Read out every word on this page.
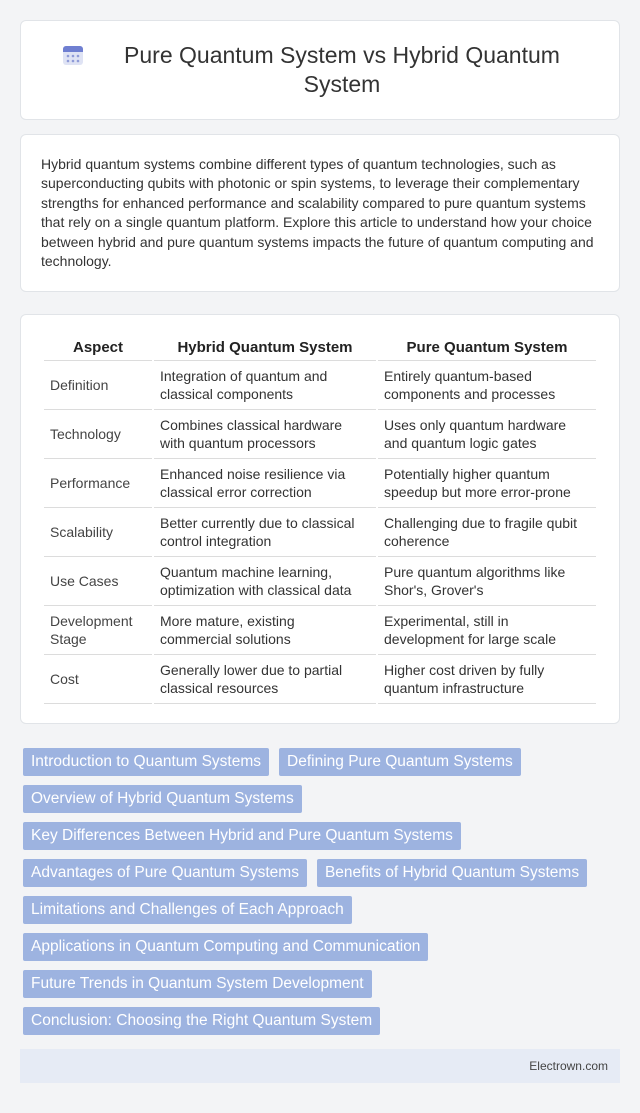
Pure Quantum System vs Hybrid Quantum System

Hybrid quantum systems combine different types of quantum technologies, such as superconducting qubits with photonic or spin systems, to leverage their complementary strengths for enhanced performance and scalability compared to pure quantum systems that rely on a single quantum platform. Explore this article to understand how your choice between hybrid and pure quantum systems impacts the future of quantum computing and technology.

Aspect	Hybrid Quantum System	Pure Quantum System
Definition	Integration of quantum and classical components	Entirely quantum-based components and processes
Technology	Combines classical hardware with quantum processors	Uses only quantum hardware and quantum logic gates
Performance	Enhanced noise resilience via classical error correction	Potentially higher quantum speedup but more error-prone
Scalability	Better currently due to classical control integration	Challenging due to fragile qubit coherence
Use Cases	Quantum machine learning, optimization with classical data	Pure quantum algorithms like Shor's, Grover's
Development Stage	More mature, existing commercial solutions	Experimental, still in development for large scale
Cost	Generally lower due to partial classical resources	Higher cost driven by fully quantum infrastructure
Introduction to Quantum Systems	Defining Pure Quantum Systems
Overview of Hybrid Quantum Systems
Key Differences Between Hybrid and Pure Quantum Systems
Advantages of Pure Quantum Systems	Benefits of Hybrid Quantum Systems
Limitations and Challenges of Each Approach
Applications in Quantum Computing and Communication
Future Trends in Quantum System Development
Conclusion: Choosing the Right Quantum System
Electrown.com
